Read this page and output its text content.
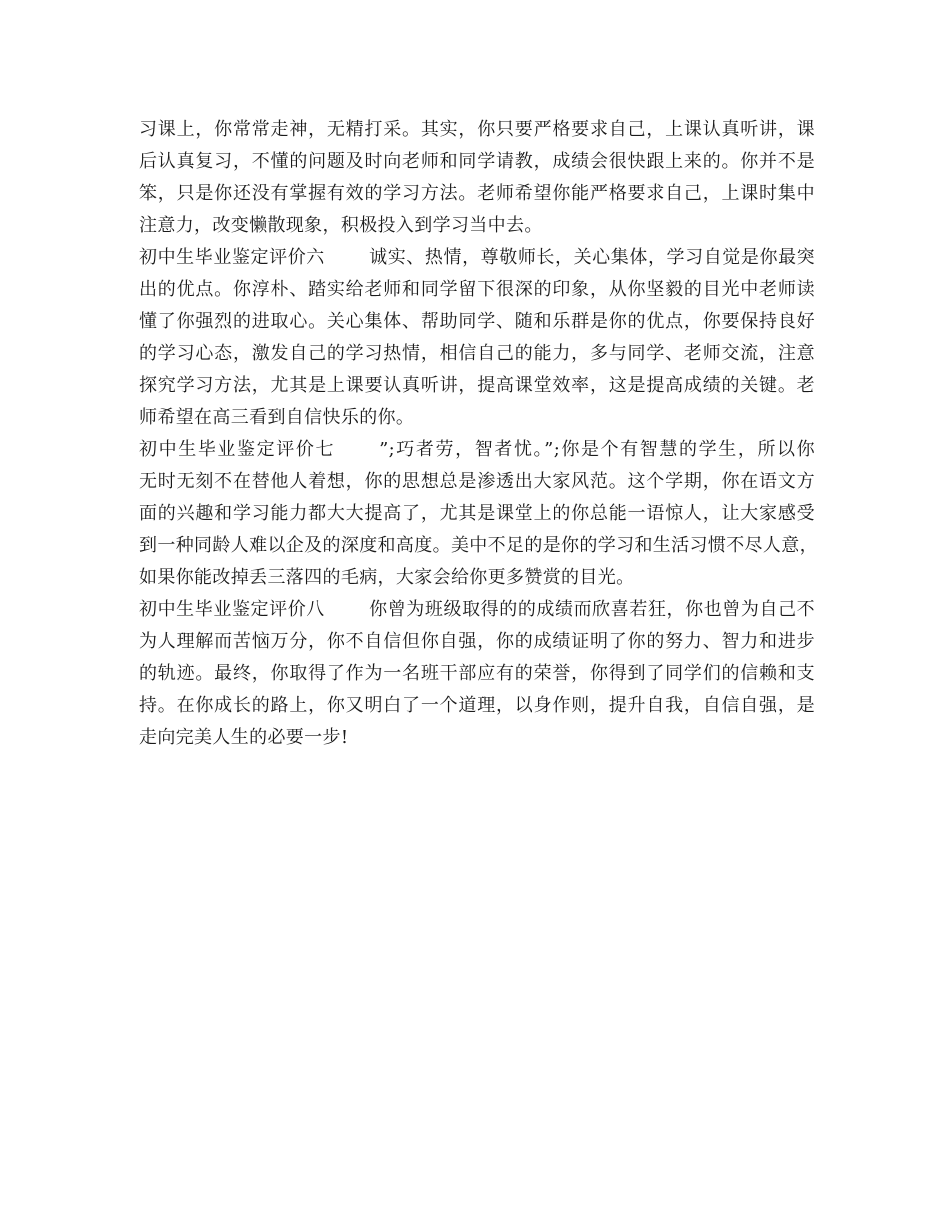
习课上，你常常走神，无精打采。其实，你只要严格要求自己，上课认真听讲，课
后认真复习，不懂的问题及时向老师和同学请教，成绩会很快跟上来的。你并不是
笨，只是你还没有掌握有效的学习方法。老师希望你能严格要求自己，上课时集中
注意力，改变懒散现象，积极投入到学习当中去。
初中生毕业鉴定评价六 诚实、热情，尊敬师长，关心集体，学习自觉是你最突
出的优点。你淳朴、踏实给老师和同学留下很深的印象，从你坚毅的目光中老师读
懂了你强烈的进取心。关心集体、帮助同学、随和乐群是你的优点，你要保持良好
的学习心态，激发自己的学习热情，相信自己的能力，多与同学、老师交流，注意
探究学习方法，尤其是上课要认真听讲，提高课堂效率，这是提高成绩的关键。老
师希望在高三看到自信快乐的你。
初中生毕业鉴定评价七 ”;巧者劳，智者忧。”;你是个有智慧的学生，所以你
无时无刻不在替他人着想，你的思想总是渗透出大家风范。这个学期，你在语文方
面的兴趣和学习能力都大大提高了，尤其是课堂上的你总能一语惊人，让大家感受
到一种同龄人难以企及的深度和高度。美中不足的是你的学习和生活习惯不尽人意，
如果你能改掉丢三落四的毛病，大家会给你更多赞赏的目光。
初中生毕业鉴定评价八 你曾为班级取得的的成绩而欣喜若狂，你也曾为自己不
为人理解而苦恼万分，你不自信但你自强，你的成绩证明了你的努力、智力和进步
的轨迹。最终，你取得了作为一名班干部应有的荣誉，你得到了同学们的信赖和支
持。在你成长的路上，你又明白了一个道理，以身作则，提升自我，自信自强，是
走向完美人生的必要一步!
